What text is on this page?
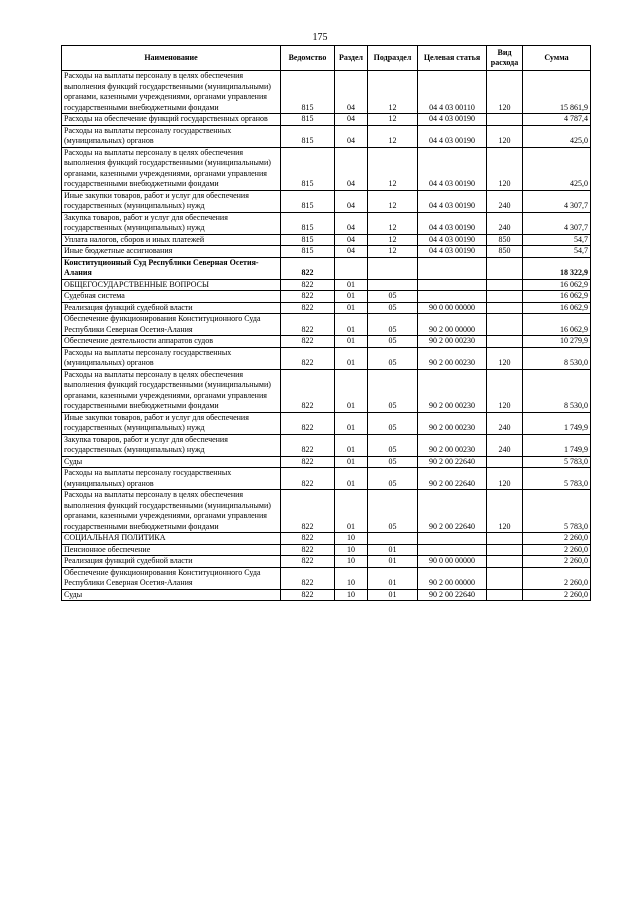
175
Наименование	Ведомство	Раздел	Подраздел	Целевая статья	Вид расхода	Сумма
Расходы на выплаты персоналу в целях обеспечения выполнения функций государственными (муниципальными) органами, казенными учреждениями, органами управления государственными внебюджетными фондами	815	04	12	04 4 03 00110	120	15 861,9
Расходы на обеспечение функций государственных органов	815	04	12	04 4 03 00190		4 787,4
Расходы на выплаты персоналу государственных (муниципальных) органов	815	04	12	04 4 03 00190	120	425,0
Расходы на выплаты персоналу в целях обеспечения выполнения функций государственными (муниципальными) органами, казенными учреждениями, органами управления государственными внебюджетными фондами	815	04	12	04 4 03 00190	120	425,0
Иные закупки товаров, работ и услуг для обеспечения государственных (муниципальных) нужд	815	04	12	04 4 03 00190	240	4 307,7
Закупка товаров, работ и услуг для обеспечения государственных (муниципальных) нужд	815	04	12	04 4 03 00190	240	4 307,7
Уплата налогов, сборов и иных платежей	815	04	12	04 4 03 00190	850	54,7
Иные бюджетные ассигнования	815	04	12	04 4 03 00190	850	54,7
Конституционный Суд Республики Северная Осетия-Алания	822					18 322,9
ОБЩЕГОСУДАРСТВЕННЫЕ ВОПРОСЫ	822	01				16 062,9
Судебная система	822	01	05			16 062,9
Реализация функций судебной власти	822	01	05	90 0 00 00000		16 062,9
Обеспечение функционирования Конституционного Суда Республики Северная Осетия-Алания	822	01	05	90 2 00 00000		16 062,9
Обеспечение деятельности аппаратов судов	822	01	05	90 2 00 00230		10 279,9
Расходы на выплаты персоналу государственных (муниципальных) органов	822	01	05	90 2 00 00230	120	8 530,0
Расходы на выплаты персоналу в целях обеспечения выполнения функций государственными (муниципальными) органами, казенными учреждениями, органами управления государственными внебюджетными фондами	822	01	05	90 2 00 00230	120	8 530,0
Иные закупки товаров, работ и услуг для обеспечения государственных (муниципальных) нужд	822	01	05	90 2 00 00230	240	1 749,9
Закупка товаров, работ и услуг для обеспечения государственных (муниципальных) нужд	822	01	05	90 2 00 00230	240	1 749,9
Суды	822	01	05	90 2 00 22640		5 783,0
Расходы на выплаты персоналу государственных (муниципальных) органов	822	01	05	90 2 00 22640	120	5 783,0
Расходы на выплаты персоналу в целях обеспечения выполнения функций государственными (муниципальными) органами, казенными учреждениями, органами управления государственными внебюджетными фондами	822	01	05	90 2 00 22640	120	5 783,0
СОЦИАЛЬНАЯ ПОЛИТИКА	822	10				2 260,0
Пенсионное обеспечение	822	10	01			2 260,0
Реализация функций судебной власти	822	10	01	90 0 00 00000		2 260,0
Обеспечение функционирования Конституционного Суда Республики Северная Осетия-Алания	822	10	01	90 2 00 00000		2 260,0
Суды	822	10	01	90 2 00 22640		2 260,0
